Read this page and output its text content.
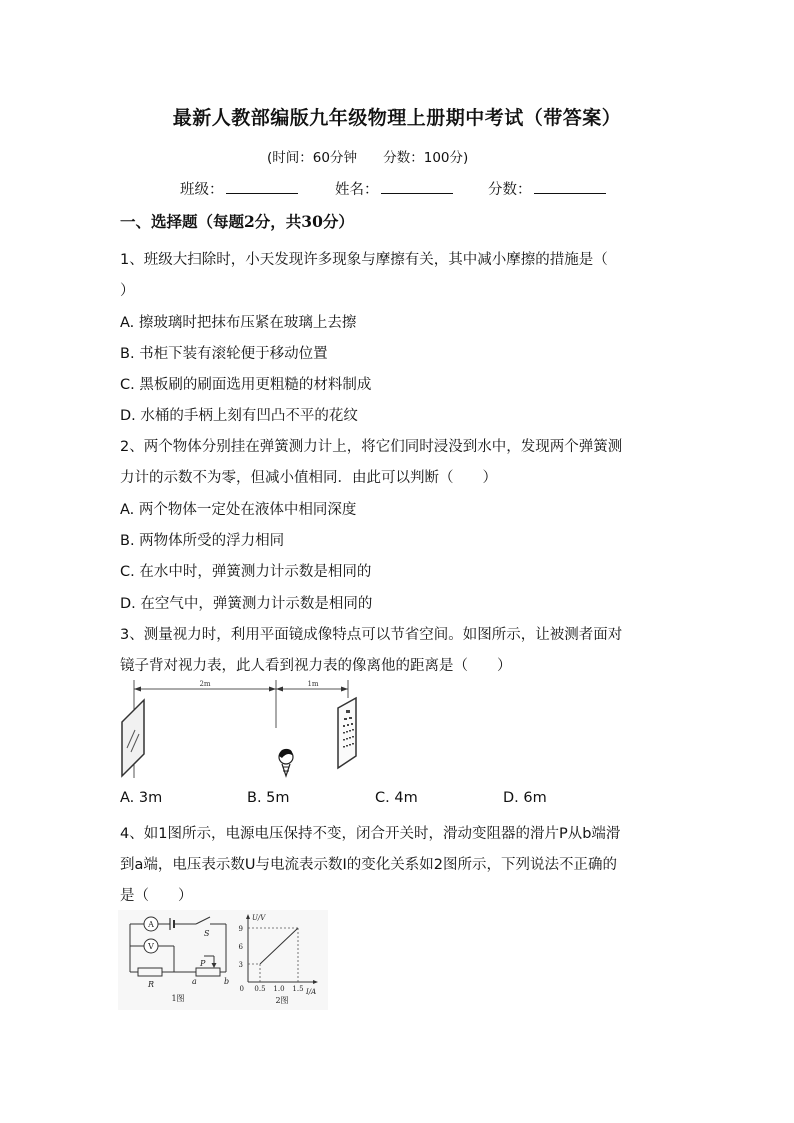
最新人教部编版九年级物理上册期中考试（带答案）
(时间：60分钟 分数：100分)
班级：	姓名：	分数：
一、选择题（每题2分，共30分）
1、班级大扫除时，小天发现许多现象与摩擦有关，其中减小摩擦的措施是（
）
A. 擦玻璃时把抹布压紧在玻璃上去擦
B. 书柜下装有滚轮便于移动位置
C. 黑板刷的刷面选用更粗糙的材料制成
D. 水桶的手柄上刻有凹凸不平的花纹
2、两个物体分别挂在弹簧测力计上，将它们同时浸没到水中，发现两个弹簧测
力计的示数不为零，但减小值相同．由此可以判断（　　）
A. 两个物体一定处在液体中相同深度
B. 两物体所受的浮力相同
C. 在水中时，弹簧测力计示数是相同的
D. 在空气中，弹簧测力计示数是相同的
3、测量视力时，利用平面镜成像特点可以节省空间。如图所示，让被测者面对
镜子背对视力表，此人看到视力表的像离他的距离是（　　）
2m	1m
A. 3m	B. 5m	C. 4m	D. 6m
4、如1图所示，电源电压保持不变，闭合开关时，滑动变阻器的滑片P从b端滑
到a端，电压表示数U与电流表示数I的变化关系如2图所示，下列说法不正确的
是（　　）
A
V
S
P
R	a	b
1图
U/V
I/A
9
6
3
0 0.5 1.0 1.5
2图
